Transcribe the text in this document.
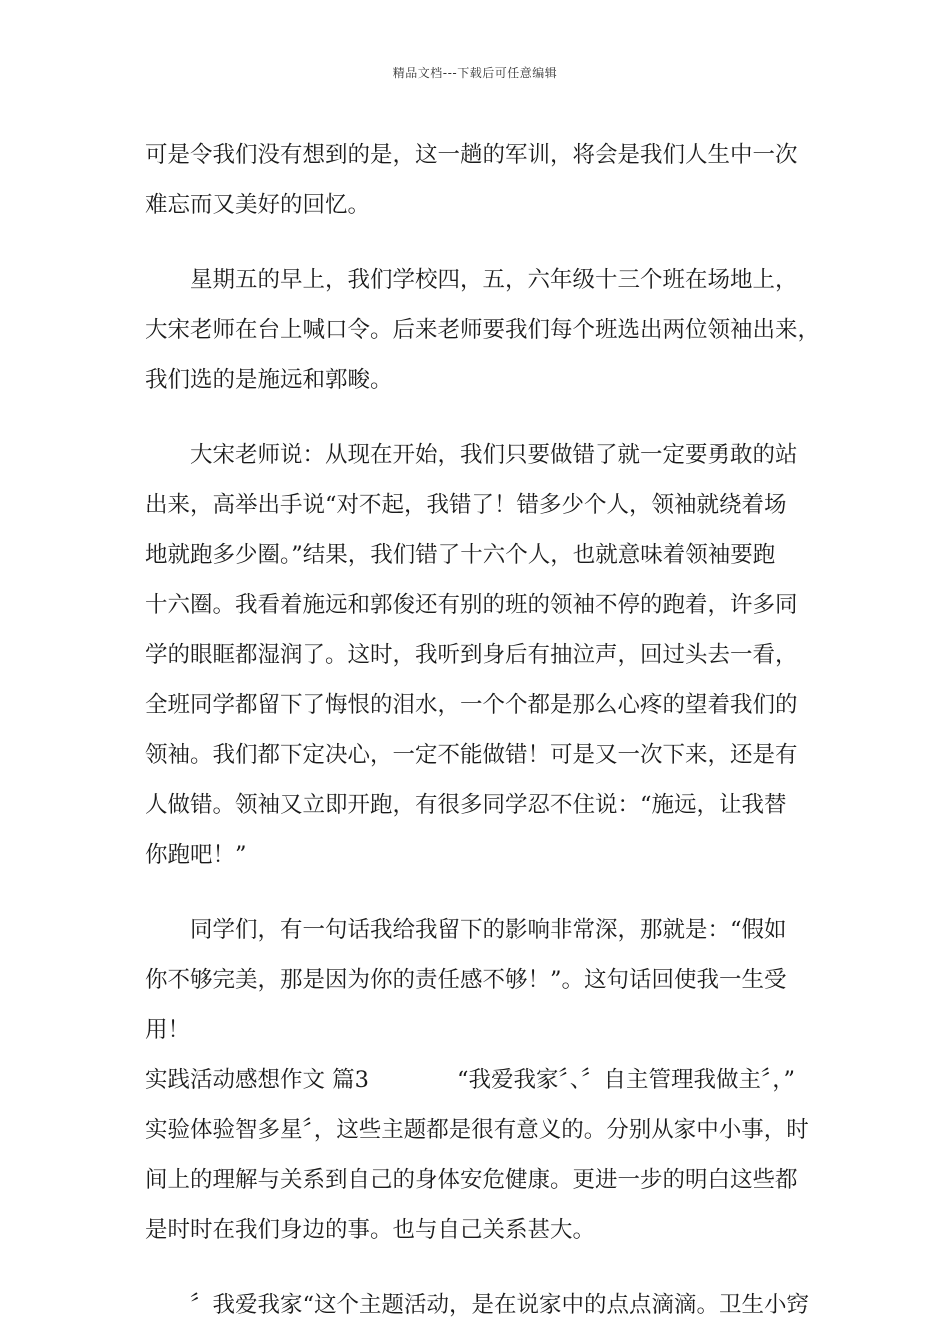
精品文档---下载后可任意编辑
可是令我们没有想到的是，这一趟的军训，将会是我们人生中一次
难忘而又美好的回忆。
星期五的早上，我们学校四，五，六年级十三个班在场地上，
大宋老师在台上喊口令。后来老师要我们每个班选出两位领袖出来，
我们选的是施远和郭畯。
大宋老师说：从现在开始，我们只要做错了就一定要勇敢的站
出来，高举出手说“对不起，我错了！错多少个人，领袖就绕着场
地就跑多少圈。”结果，我们错了十六个人，也就意味着领袖要跑
十六圈。我看着施远和郭俊还有别的班的领袖不停的跑着，许多同
学的眼眶都湿润了。这时，我听到身后有抽泣声，回过头去一看，
全班同学都留下了悔恨的泪水，一个个都是那么心疼的望着我们的
领袖。我们都下定决心，一定不能做错！可是又一次下来，还是有
人做错。领袖又立即开跑，有很多同学忍不住说：“施远，让我替
你跑吧！”
同学们，有一句话我给我留下的影响非常深，那就是：“假如
你不够完美，那是因为你的责任感不够！”。这句话回使我一生受
用！
实践活动感想作文 篇3	“我爱我家〞、〞自主管理我做主〞，”
实验体验智多星〞，这些主题都是很有意义的。分别从家中小事，时
间上的理解与关系到自己的身体安危健康。更进一步的明白这些都
是时时在我们身边的事。也与自己关系甚大。
〞我爱我家“这个主题活动，是在说家中的点点滴滴。卫生小窍
